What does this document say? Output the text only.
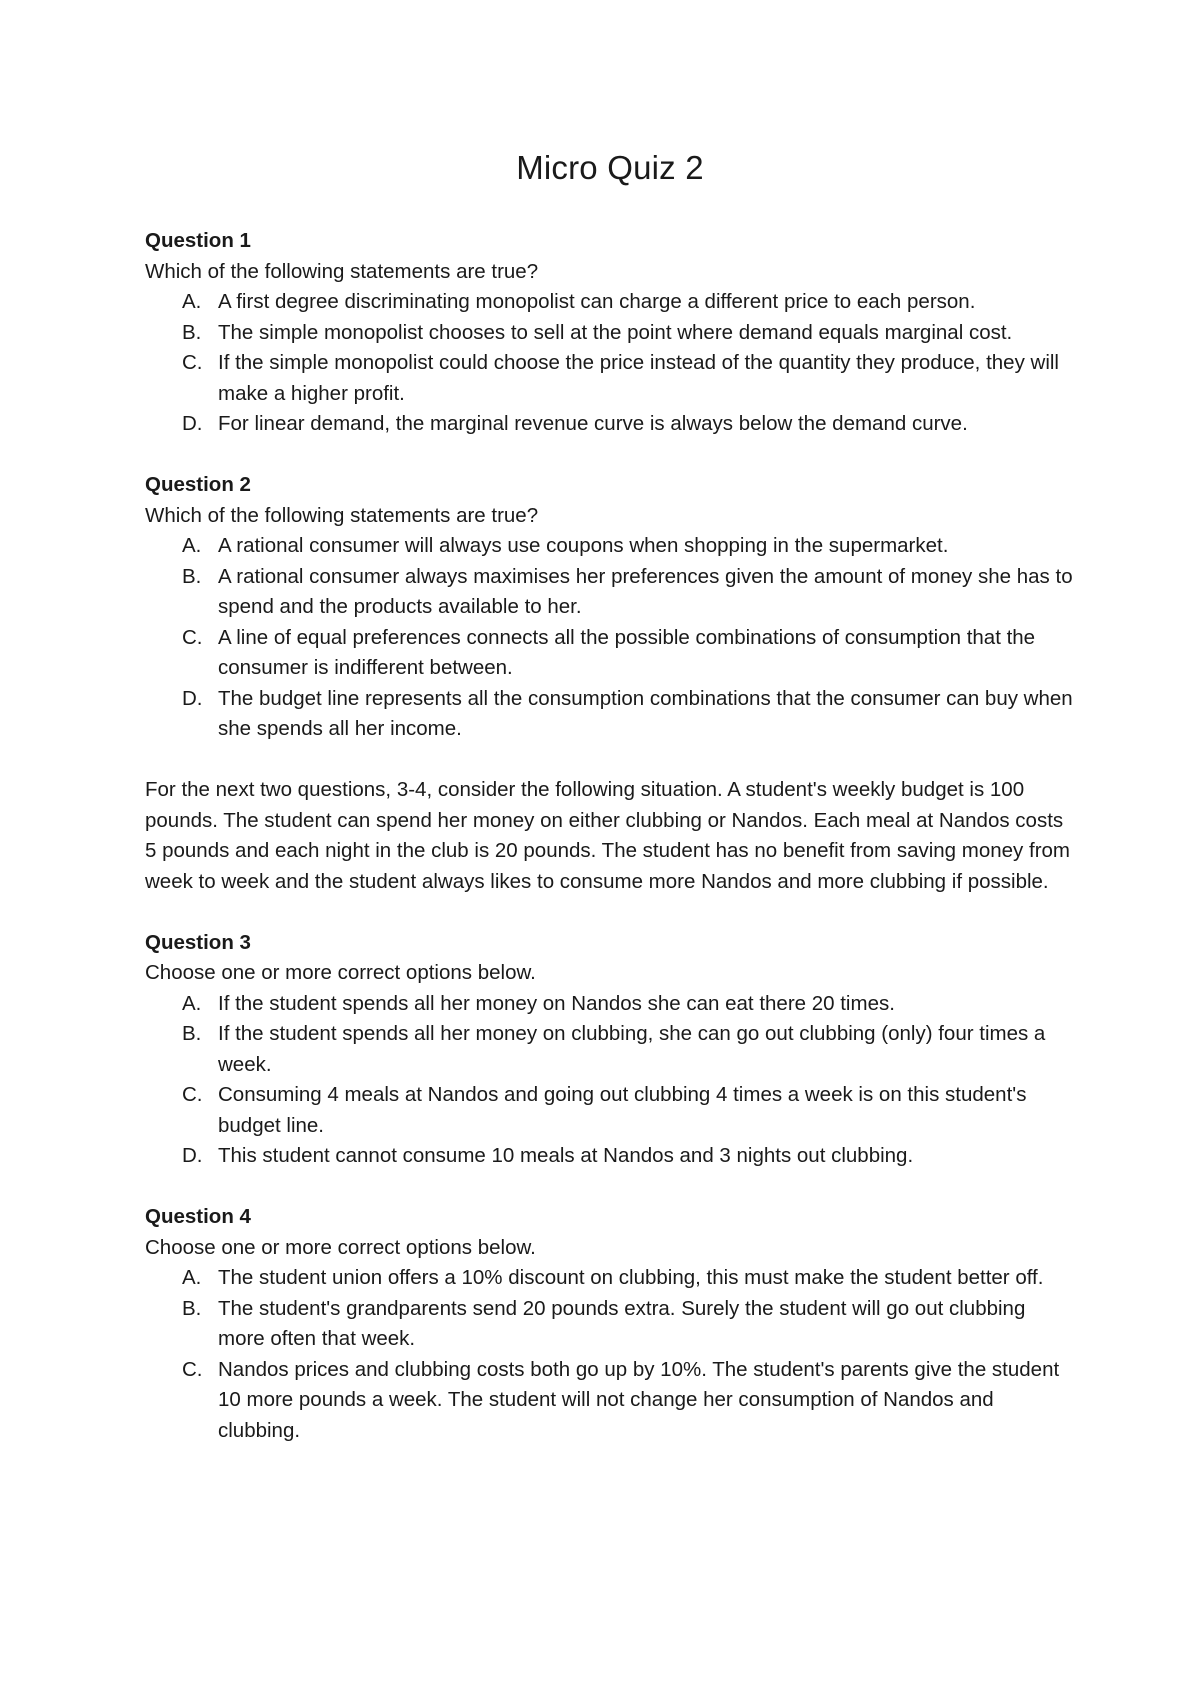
Micro Quiz 2

Question 1

Which of the following statements are true?

A. A first degree discriminating monopolist can charge a different price to each person.
B. The simple monopolist chooses to sell at the point where demand equals marginal cost.
C. If the simple monopolist could choose the price instead of the quantity they produce, they will make a higher profit.
D. For linear demand, the marginal revenue curve is always below the demand curve.

Question 2

Which of the following statements are true?

A. A rational consumer will always use coupons when shopping in the supermarket.
B. A rational consumer always maximises her preferences given the amount of money she has to spend and the products available to her.
C. A line of equal preferences connects all the possible combinations of consumption that the consumer is indifferent between.
D. The budget line represents all the consumption combinations that the consumer can buy when she spends all her income.

For the next two questions, 3-4, consider the following situation. A student's weekly budget is 100 pounds. The student can spend her money on either clubbing or Nandos. Each meal at Nandos costs 5 pounds and each night in the club is 20 pounds. The student has no benefit from saving money from week to week and the student always likes to consume more Nandos and more clubbing if possible.

Question 3

Choose one or more correct options below.

A. If the student spends all her money on Nandos she can eat there 20 times.
B. If the student spends all her money on clubbing, she can go out clubbing (only) four times a week.
C. Consuming 4 meals at Nandos and going out clubbing 4 times a week is on this student's budget line.
D. This student cannot consume 10 meals at Nandos and 3 nights out clubbing.

Question 4

Choose one or more correct options below.

A. The student union offers a 10% discount on clubbing, this must make the student better off.
B. The student's grandparents send 20 pounds extra. Surely the student will go out clubbing more often that week.
C. Nandos prices and clubbing costs both go up by 10%. The student's parents give the student 10 more pounds a week. The student will not change her consumption of Nandos and clubbing.
